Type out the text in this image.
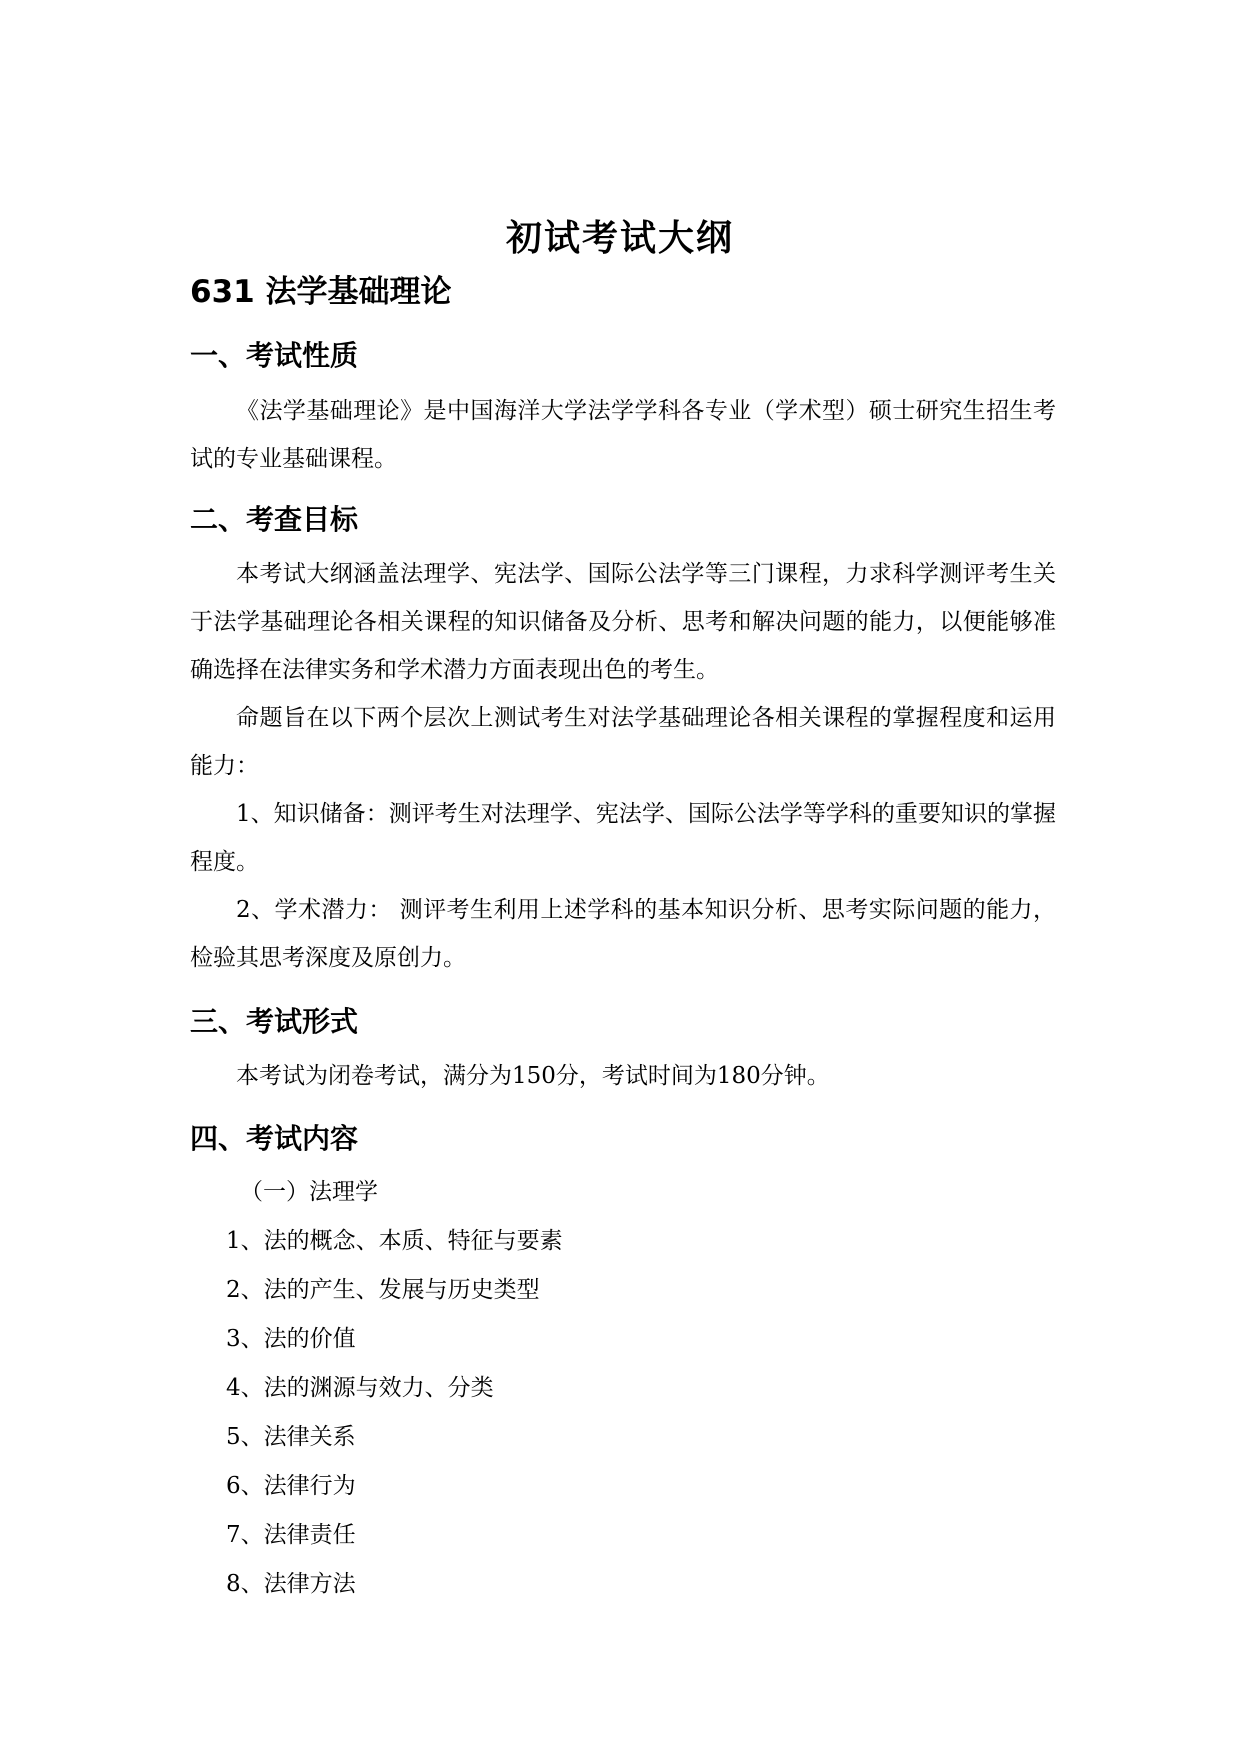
初试考试大纲
631 法学基础理论
一、考试性质

《法学基础理论》是中国海洋大学法学学科各专业（学术型）硕士研究生招生考试的专业基础课程。

二、考查目标

本考试大纲涵盖法理学、宪法学、国际公法学等三门课程，力求科学测评考生关于法学基础理论各相关课程的知识储备及分析、思考和解决问题的能力，以便能够准确选择在法律实务和学术潜力方面表现出色的考生。

命题旨在以下两个层次上测试考生对法学基础理论各相关课程的掌握程度和运用能力：

1、知识储备：测评考生对法理学、宪法学、国际公法学等学科的重要知识的掌握程度。

2、学术潜力： 测评考生利用上述学科的基本知识分析、思考实际问题的能力，检验其思考深度及原创力。

三、考试形式

本考试为闭卷考试，满分为150分，考试时间为180分钟。

四、考试内容
（一）法理学
1、法的概念、本质、特征与要素
2、法的产生、发展与历史类型
3、法的价值
4、法的渊源与效力、分类
5、法律关系
6、法律行为
7、法律责任
8、法律方法
